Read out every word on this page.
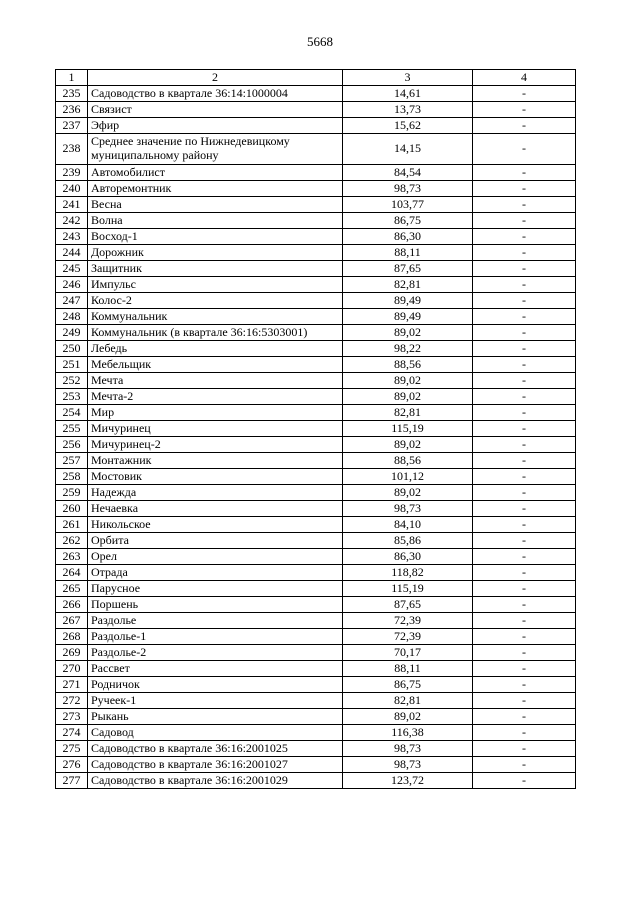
5668
1	2	3	4
235	Садоводство в квартале 36:14:1000004	14,61	-
236	Связист	13,73	-
237	Эфир	15,62	-
238	Среднее значение по Нижнедевицкому муниципальному району	14,15	-
239	Автомобилист	84,54	-
240	Авторемонтник	98,73	-
241	Весна	103,77	-
242	Волна	86,75	-
243	Восход-1	86,30	-
244	Дорожник	88,11	-
245	Защитник	87,65	-
246	Импульс	82,81	-
247	Колос-2	89,49	-
248	Коммунальник	89,49	-
249	Коммунальник (в квартале 36:16:5303001)	89,02	-
250	Лебедь	98,22	-
251	Мебельщик	88,56	-
252	Мечта	89,02	-
253	Мечта-2	89,02	-
254	Мир	82,81	-
255	Мичуринец	115,19	-
256	Мичуринец-2	89,02	-
257	Монтажник	88,56	-
258	Мостовик	101,12	-
259	Надежда	89,02	-
260	Нечаевка	98,73	-
261	Никольское	84,10	-
262	Орбита	85,86	-
263	Орел	86,30	-
264	Отрада	118,82	-
265	Парусное	115,19	-
266	Поршень	87,65	-
267	Раздолье	72,39	-
268	Раздолье-1	72,39	-
269	Раздолье-2	70,17	-
270	Рассвет	88,11	-
271	Родничок	86,75	-
272	Ручеек-1	82,81	-
273	Рыкань	89,02	-
274	Садовод	116,38	-
275	Садоводство в квартале 36:16:2001025	98,73	-
276	Садоводство в квартале 36:16:2001027	98,73	-
277	Садоводство в квартале 36:16:2001029	123,72	-
